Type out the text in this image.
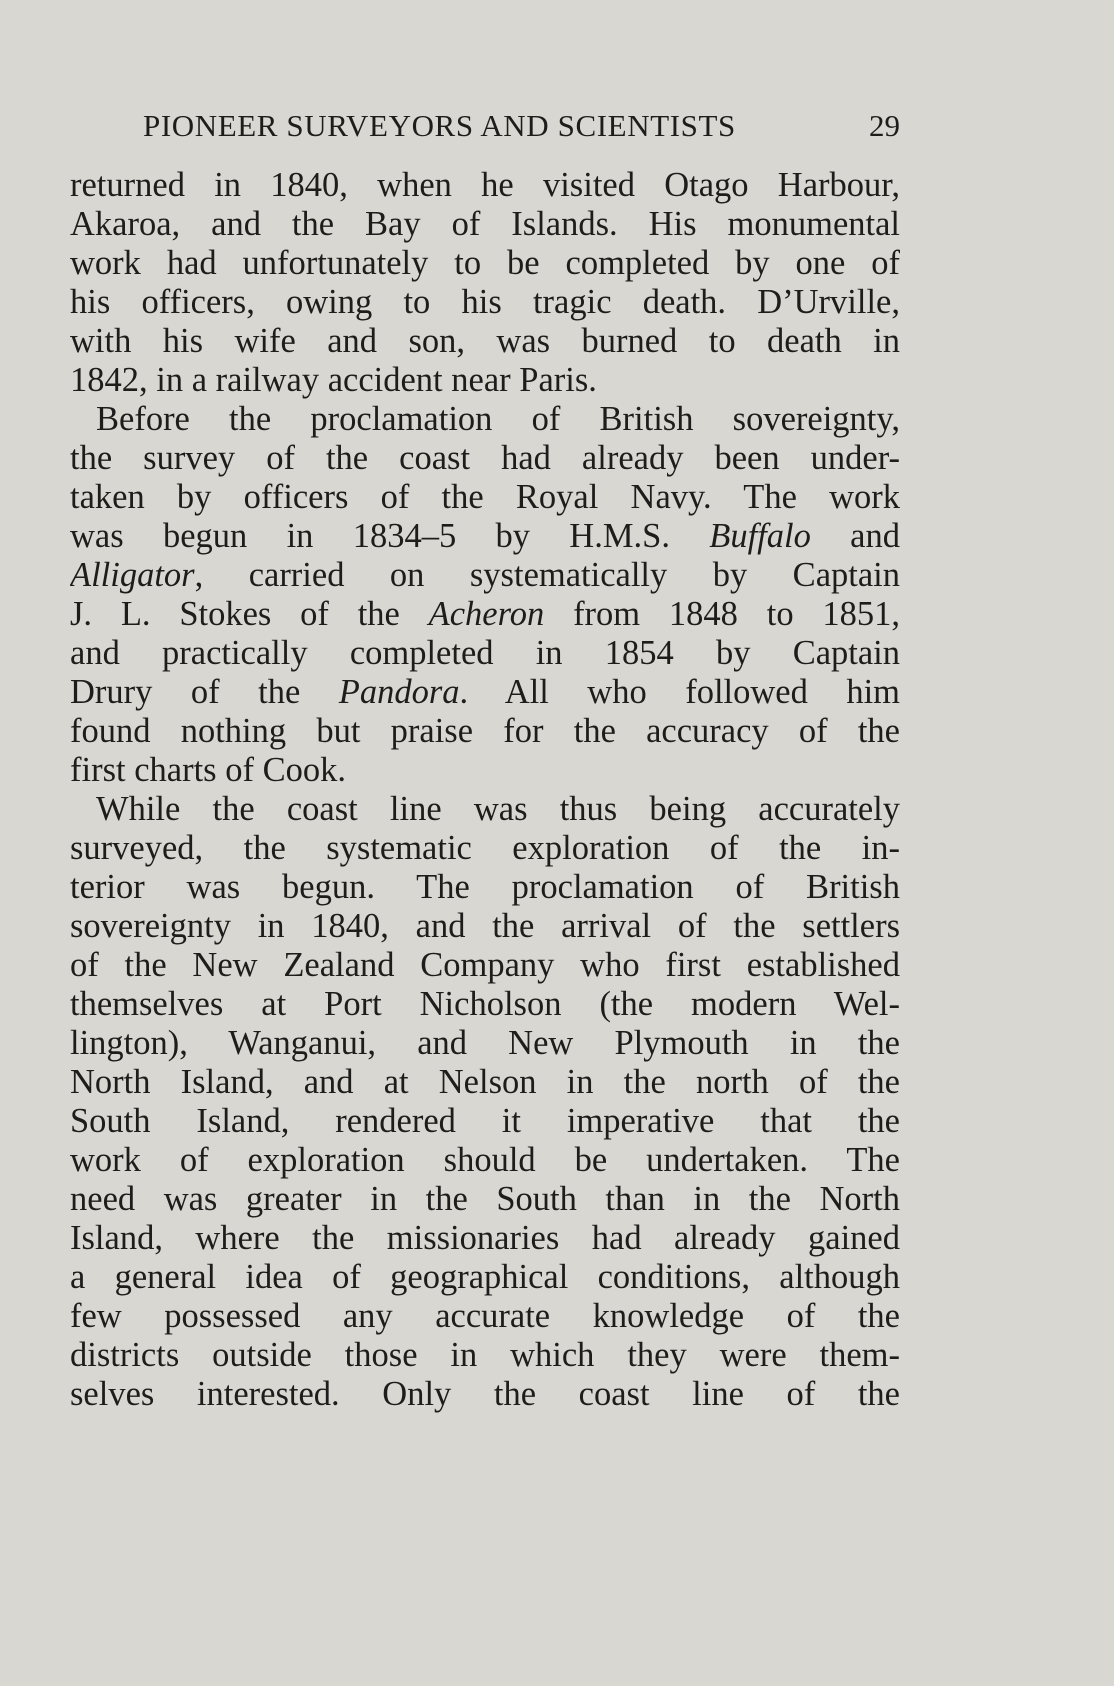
PIONEER SURVEYORS AND SCIENTISTS	29
returned in 1840, when he visited Otago Harbour,
Akaroa, and the Bay of Islands. His monumental
work had unfortunately to be completed by one of
his officers, owing to his tragic death. D’Urville,
with his wife and son, was burned to death in
1842, in a railway accident near Paris.
Before the proclamation of British sovereignty,
the survey of the coast had already been under-
taken by officers of the Royal Navy. The work
was begun in 1834–5 by H.M.S. Buffalo and
Alligator, carried on systematically by Captain
J. L. Stokes of the Acheron from 1848 to 1851,
and practically completed in 1854 by Captain
Drury of the Pandora. All who followed him
found nothing but praise for the accuracy of the
first charts of Cook.
While the coast line was thus being accurately
surveyed, the systematic exploration of the in-
terior was begun. The proclamation of British
sovereignty in 1840, and the arrival of the settlers
of the New Zealand Company who first established
themselves at Port Nicholson (the modern Wel-
lington), Wanganui, and New Plymouth in the
North Island, and at Nelson in the north of the
South Island, rendered it imperative that the
work of exploration should be undertaken. The
need was greater in the South than in the North
Island, where the missionaries had already gained
a general idea of geographical conditions, although
few possessed any accurate knowledge of the
districts outside those in which they were them-
selves interested. Only the coast line of the
